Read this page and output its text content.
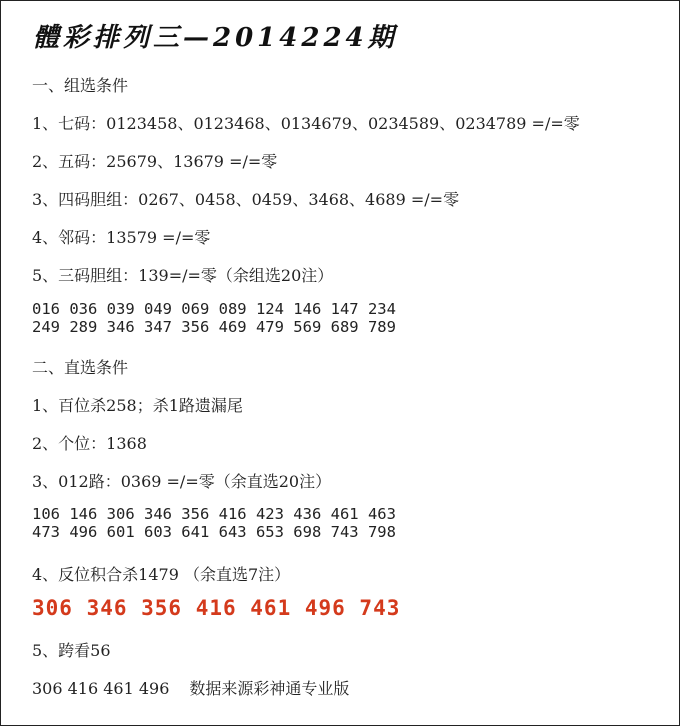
體彩排列三—2014224期
一、组选条件
1、七码：0123458、0123468、0134679、0234589、0234789 =/=零
2、五码：25679、13679 =/=零
3、四码胆组：0267、0458、0459、3468、4689 =/=零
4、邻码：13579 =/=零
5、三码胆组：139=/=零（余组选20注）
016 036 039 049 069 089 124 146 147 234
249 289 346 347 356 469 479 569 689 789
二、直选条件
1、百位杀258；杀1路遗漏尾
2、个位：1368
3、012路：0369 =/=零（余直选20注）
106 146 306 346 356 416 423 436 461 463
473 496 601 603 641 643 653 698 743 798
4、反位积合杀1479 （余直选7注）
306 346 356 416 461 496 743
5、跨看56
306 416 461 496 数据来源彩神通专业版
